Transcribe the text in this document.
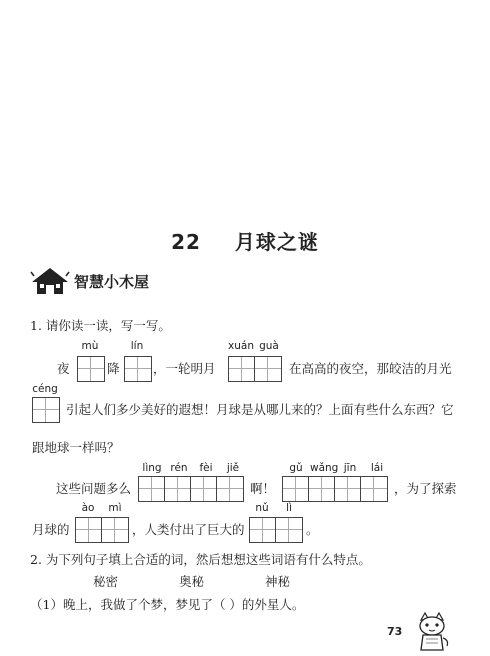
22 月球之谜
智慧小木屋
1. 请你读一读，写一写。
mù	lín	xuán guà
夜	降	，一轮明月	在高高的夜空，那皎洁的月光
céng
引起人们多少美好的遐想！月球是从哪儿来的？上面有些什么东西？它
跟地球一样吗？
lìng rén	fèi	jiě	gǔ wǎng jīn	lái
这些问题多么	啊！	，为了探索
ào	mì	nǔ	lì
月球的	，人类付出了巨大的	。
2. 为下列句子填上合适的词，然后想想这些词语有什么特点。
秘密	奥秘	神秘
（1）晚上，我做了个梦，梦见了（ ）的外星人。
73
